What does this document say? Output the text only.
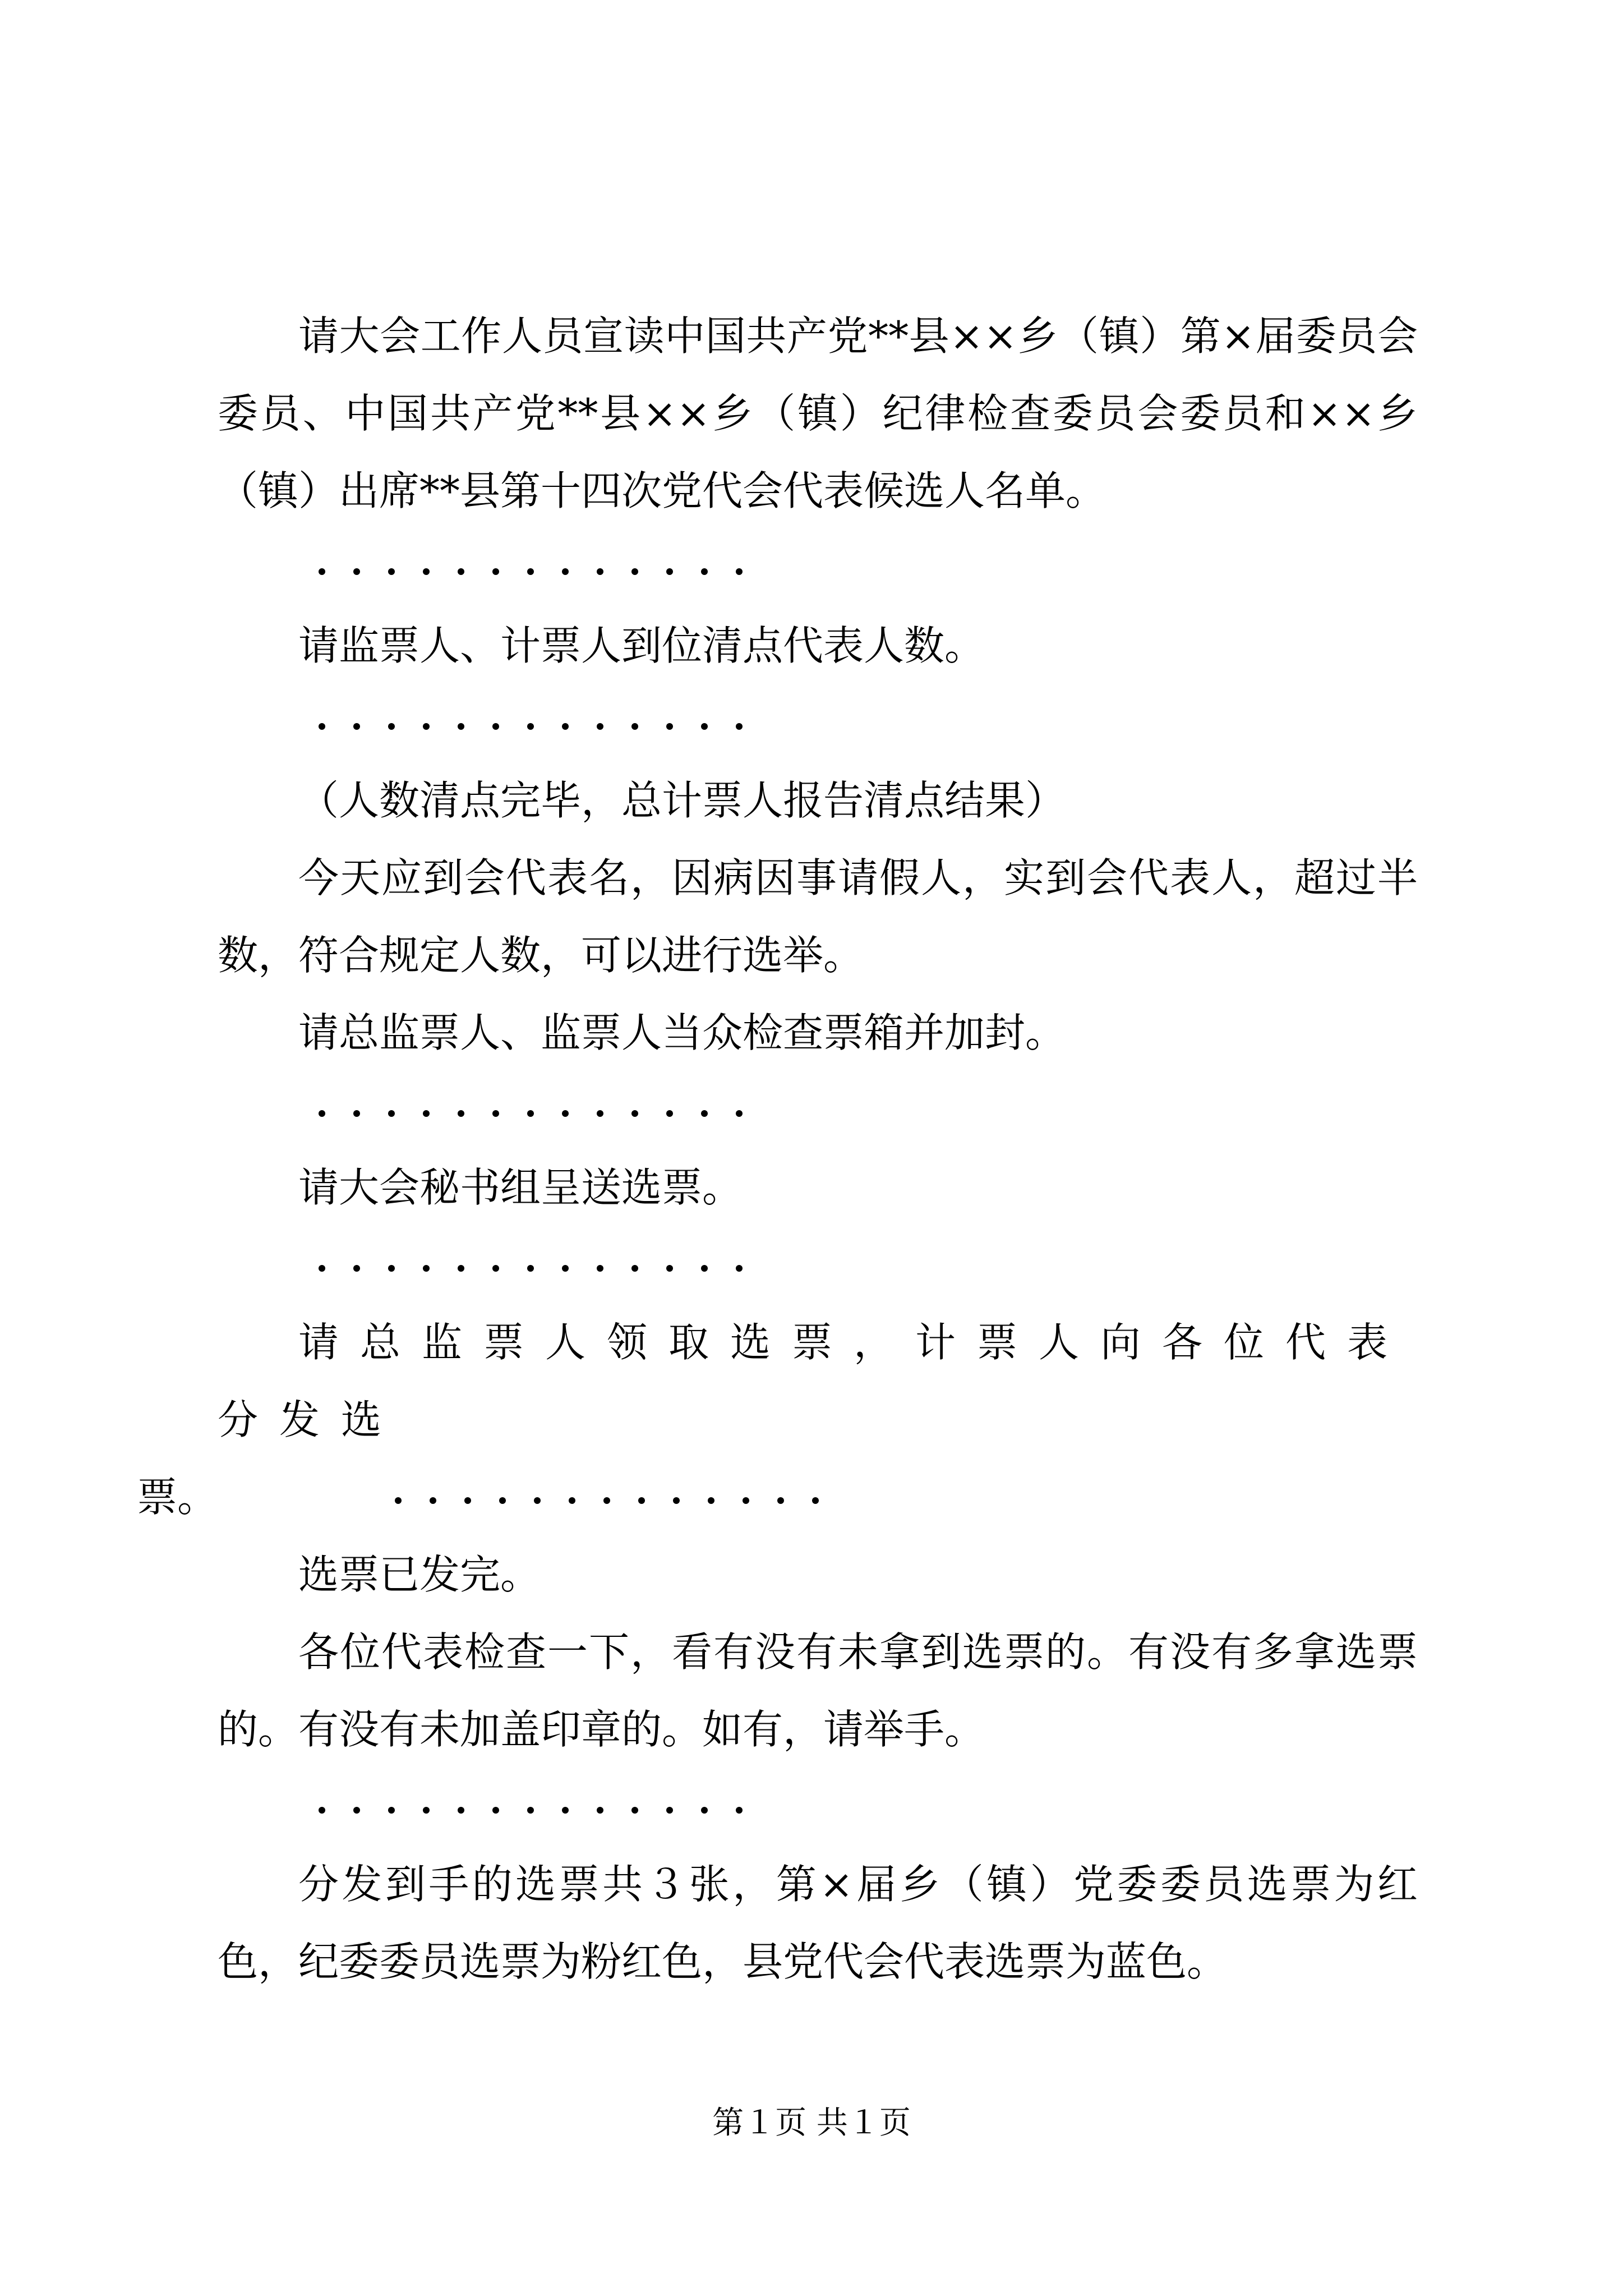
请大会工作人员宣读中国共产党**县××乡（镇）第×届委员会委员、中国共产党**县××乡（镇）纪律检查委员会委员和××乡（镇）出席**县第十四次党代会代表候选人名单。

请监票人、计票人到位清点代表人数。

（人数清点完毕，总计票人报告清点结果）

今天应到会代表名，因病因事请假人，实到会代表人，超过半数，符合规定人数，可以进行选举。

请总监票人、监票人当众检查票箱并加封。

请大会秘书组呈送选票。

请总监票人领取选票，计票人向各位代表分发选
票。

选票已发完。

各位代表检查一下，看有没有未拿到选票的。有没有多拿选票的。有没有未加盖印章的。如有，请举手。

分发到手的选票共３张，第×届乡（镇）党委委员选票为红色，纪委委员选票为粉红色，县党代会代表选票为蓝色。

第１页 共１页
